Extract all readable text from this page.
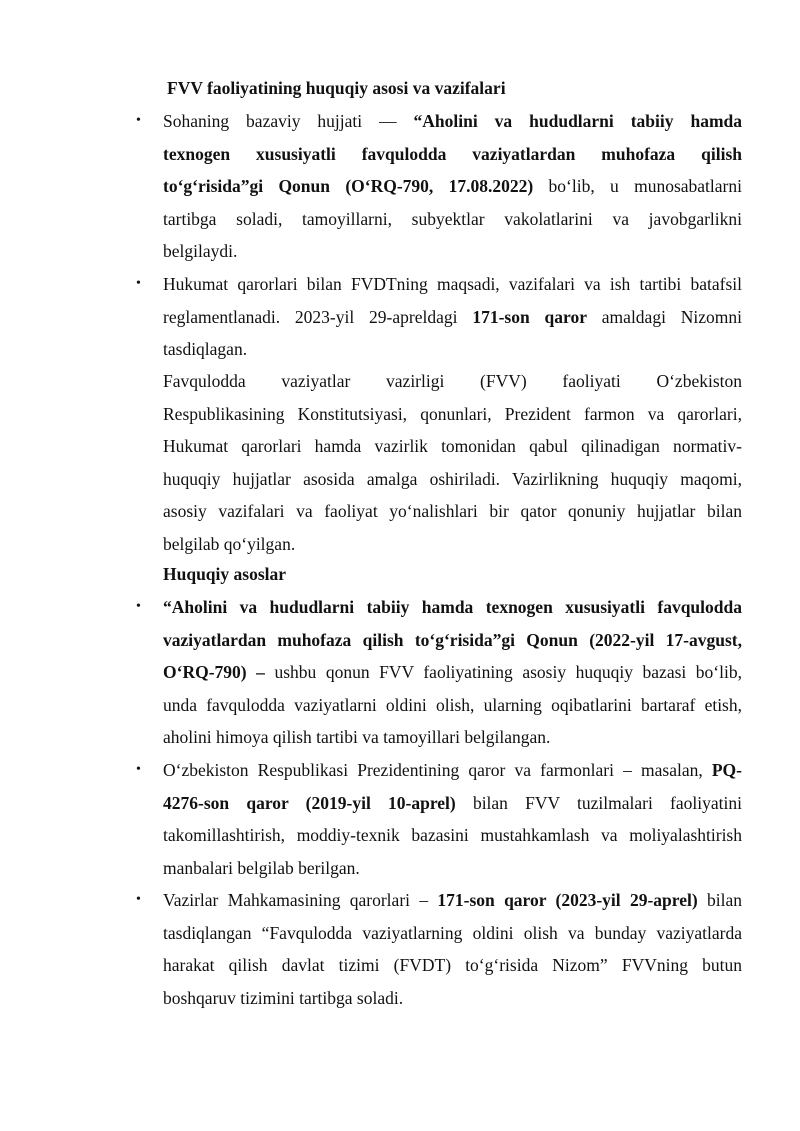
FVV faoliyatining huquqiy asosi va vazifalari
• Sohaning bazaviy hujjati — “Aholini va hududlarni tabiiy hamda
texnogen xususiyatli favqulodda vaziyatlardan muhofaza qilish
to‘g‘risida”gi Qonun (O‘RQ-790, 17.08.2022) bo‘lib, u munosabatlarni
tartibga soladi, tamoyillarni, subyektlar vakolatlarini va javobgarlikni
belgilaydi.
• Hukumat qarorlari bilan FVDTning maqsadi, vazifalari va ish tartibi batafsil
reglamentlanadi. 2023-yil 29-apreldagi 171-son qaror amaldagi Nizomni
tasdiqlagan.
Favqulodda vaziyatlar vazirligi (FVV) faoliyati O‘zbekiston
Respublikasining Konstitutsiyasi, qonunlari, Prezident farmon va qarorlari,
Hukumat qarorlari hamda vazirlik tomonidan qabul qilinadigan normativ-
huquqiy hujjatlar asosida amalga oshiriladi. Vazirlikning huquqiy maqomi,
asosiy vazifalari va faoliyat yo‘nalishlari bir qator qonuniy hujjatlar bilan
belgilab qo‘yilgan.
Huquqiy asoslar
• “Aholini va hududlarni tabiiy hamda texnogen xususiyatli favqulodda
vaziyatlardan muhofaza qilish to‘g‘risida”gi Qonun (2022-yil 17-avgust,
O‘RQ-790) – ushbu qonun FVV faoliyatining asosiy huquqiy bazasi bo‘lib,
unda favqulodda vaziyatlarni oldini olish, ularning oqibatlarini bartaraf etish,
aholini himoya qilish tartibi va tamoyillari belgilangan.
• O‘zbekiston Respublikasi Prezidentining qaror va farmonlari – masalan, PQ-
4276-son qaror (2019-yil 10-aprel) bilan FVV tuzilmalari faoliyatini
takomillashtirish, moddiy-texnik bazasini mustahkamlash va moliyalashtirish
manbalari belgilab berilgan.
• Vazirlar Mahkamasining qarorlari – 171-son qaror (2023-yil 29-aprel) bilan
tasdiqlangan “Favqulodda vaziyatlarning oldini olish va bunday vaziyatlarda
harakat qilish davlat tizimi (FVDT) to‘g‘risida Nizom” FVVning butun
boshqaruv tizimini tartibga soladi.
